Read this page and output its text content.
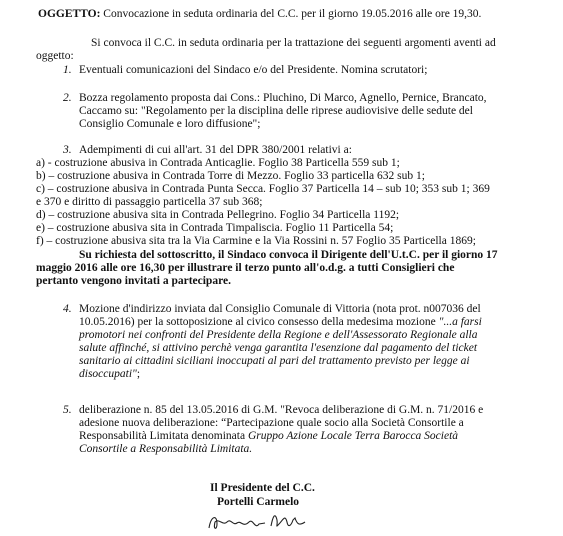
OGGETTO: Convocazione in seduta ordinaria del C.C. per il giorno 19.05.2016 alle ore 19,30.
Si convoca il C.C. in seduta ordinaria per la trattazione dei seguenti argomenti aventi ad
oggetto:
1. Eventuali comunicazioni del Sindaco e/o del Presidente. Nomina scrutatori;
2. Bozza regolamento proposta dai Cons.: Pluchino, Di Marco, Agnello, Pernice, Brancato,
Caccamo su: "Regolamento per la disciplina delle riprese audiovisive delle sedute del
Consiglio Comunale e loro diffusione";
3. Adempimenti di cui all'art. 31 del DPR 380/2001 relativi a:
a) - costruzione abusiva in Contrada Anticaglie. Foglio 38 Particella 559 sub 1;
b) – costruzione abusiva in Contrada Torre di Mezzo. Foglio 33 particella 632 sub 1;
c) – costruzione abusiva in Contrada Punta Secca. Foglio 37 Particella 14 – sub 10; 353 sub 1; 369
e 370 e diritto di passaggio particella 37 sub 368;
d) – costruzione abusiva sita in Contrada Pellegrino. Foglio 34 Particella 1192;
e) – costruzione abusiva sita in Contrada Timpaliscia. Foglio 11 Particella 54;
f) – costruzione abusiva sita tra la Via Carmine e la Via Rossini n. 57 Foglio 35 Particella 1869;
Su richiesta del sottoscritto, il Sindaco convoca il Dirigente dell'U.t.C. per il giorno 17
maggio 2016 alle ore 16,30 per illustrare il terzo punto all'o.d.g. a tutti Consiglieri che
pertanto vengono invitati a partecipare.
4. Mozione d'indirizzo inviata dal Consiglio Comunale di Vittoria (nota prot. n007036 del
10.05.2016) per la sottoposizione al civico consesso della medesima mozione "...a farsi
promotori nei confronti del Presidente della Regione e dell'Assessorato Regionale alla
salute affinché, si attivino perchè venga garantita l'esenzione dal pagamento del ticket
sanitario ai cittadini siciliani inoccupati al pari del trattamento previsto per legge ai
disoccupati";
5. deliberazione n. 85 del 13.05.2016 di G.M. "Revoca deliberazione di G.M. n. 71/2016 e
adesione nuova deliberazione: “Partecipazione quale socio alla Società Consortile a
Responsabilità Limitata denominata Gruppo Azione Locale Terra Barocca Società
Consortile a Responsabilità Limitata.
Il Presidente del C.C.
Portelli Carmelo
